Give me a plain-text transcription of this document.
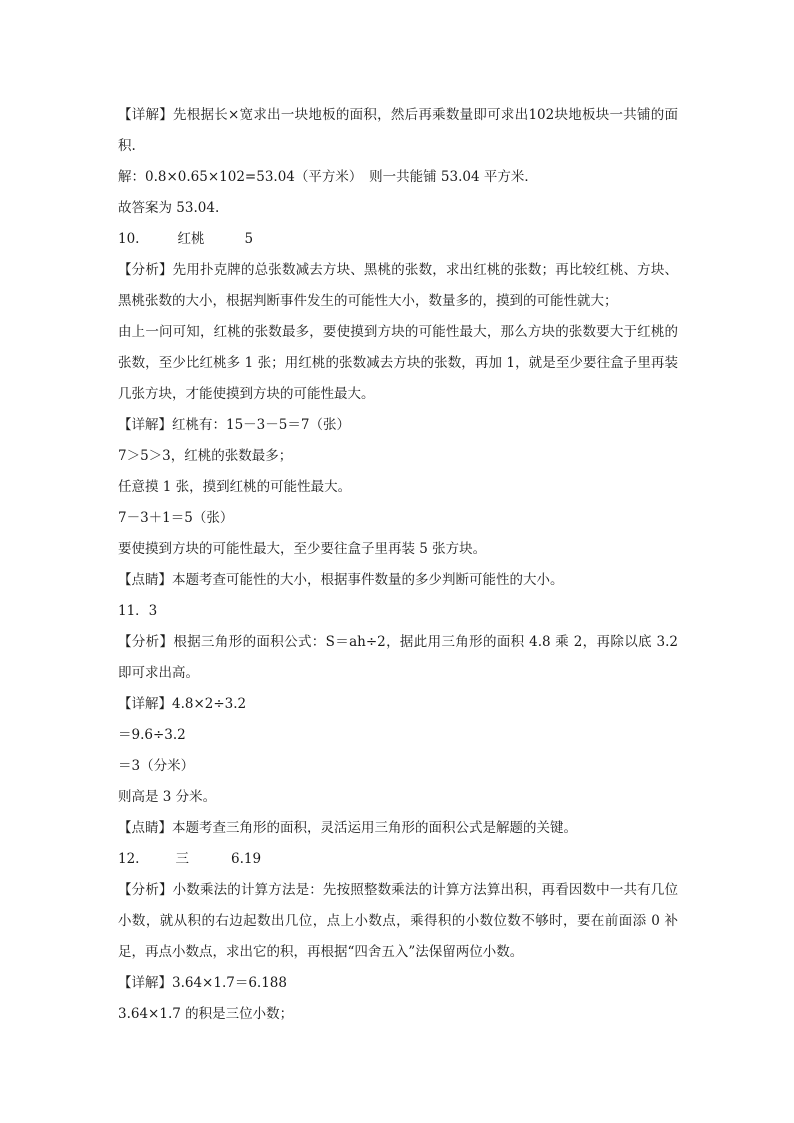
【详解】先根据长×宽求出一块地板的面积，然后再乘数量即可求出102块地板块一共铺的面积.
解：0.8×0.65×102=53.04（平方米）　则一共能铺 53.04 平方米．
故答案为 53.04.
10.	红桃	5
【分析】先用扑克牌的总张数减去方块、黑桃的张数，求出红桃的张数；再比较红桃、方块、黑桃张数的大小，根据判断事件发生的可能性大小，数量多的，摸到的可能性就大；
由上一问可知，红桃的张数最多，要使摸到方块的可能性最大，那么方块的张数要大于红桃的张数，至少比红桃多 1 张；用红桃的张数减去方块的张数，再加 1，就是至少要往盒子里再装几张方块，才能使摸到方块的可能性最大。
【详解】红桃有：15－3－5＝7（张）
7＞5＞3，红桃的张数最多；
任意摸 1 张，摸到红桃的可能性最大。
7－3＋1＝5（张）
要使摸到方块的可能性最大，至少要往盒子里再装 5 张方块。
【点睛】本题考查可能性的大小，根据事件数量的多少判断可能性的大小。
11．3
【分析】根据三角形的面积公式：S＝ah÷2，据此用三角形的面积 4.8 乘 2，再除以底 3.2 即可求出高。
【详解】4.8×2÷3.2
＝9.6÷3.2
＝3（分米）
则高是 3 分米。
【点睛】本题考查三角形的面积，灵活运用三角形的面积公式是解题的关键。
12.	三	6.19
【分析】小数乘法的计算方法是：先按照整数乘法的计算方法算出积，再看因数中一共有几位小数，就从积的右边起数出几位，点上小数点，乘得积的小数位数不够时，要在前面添 0 补足，再点小数点，求出它的积，再根据“四舍五入”法保留两位小数。
【详解】3.64×1.7＝6.188
3.64×1.7 的积是三位小数；
